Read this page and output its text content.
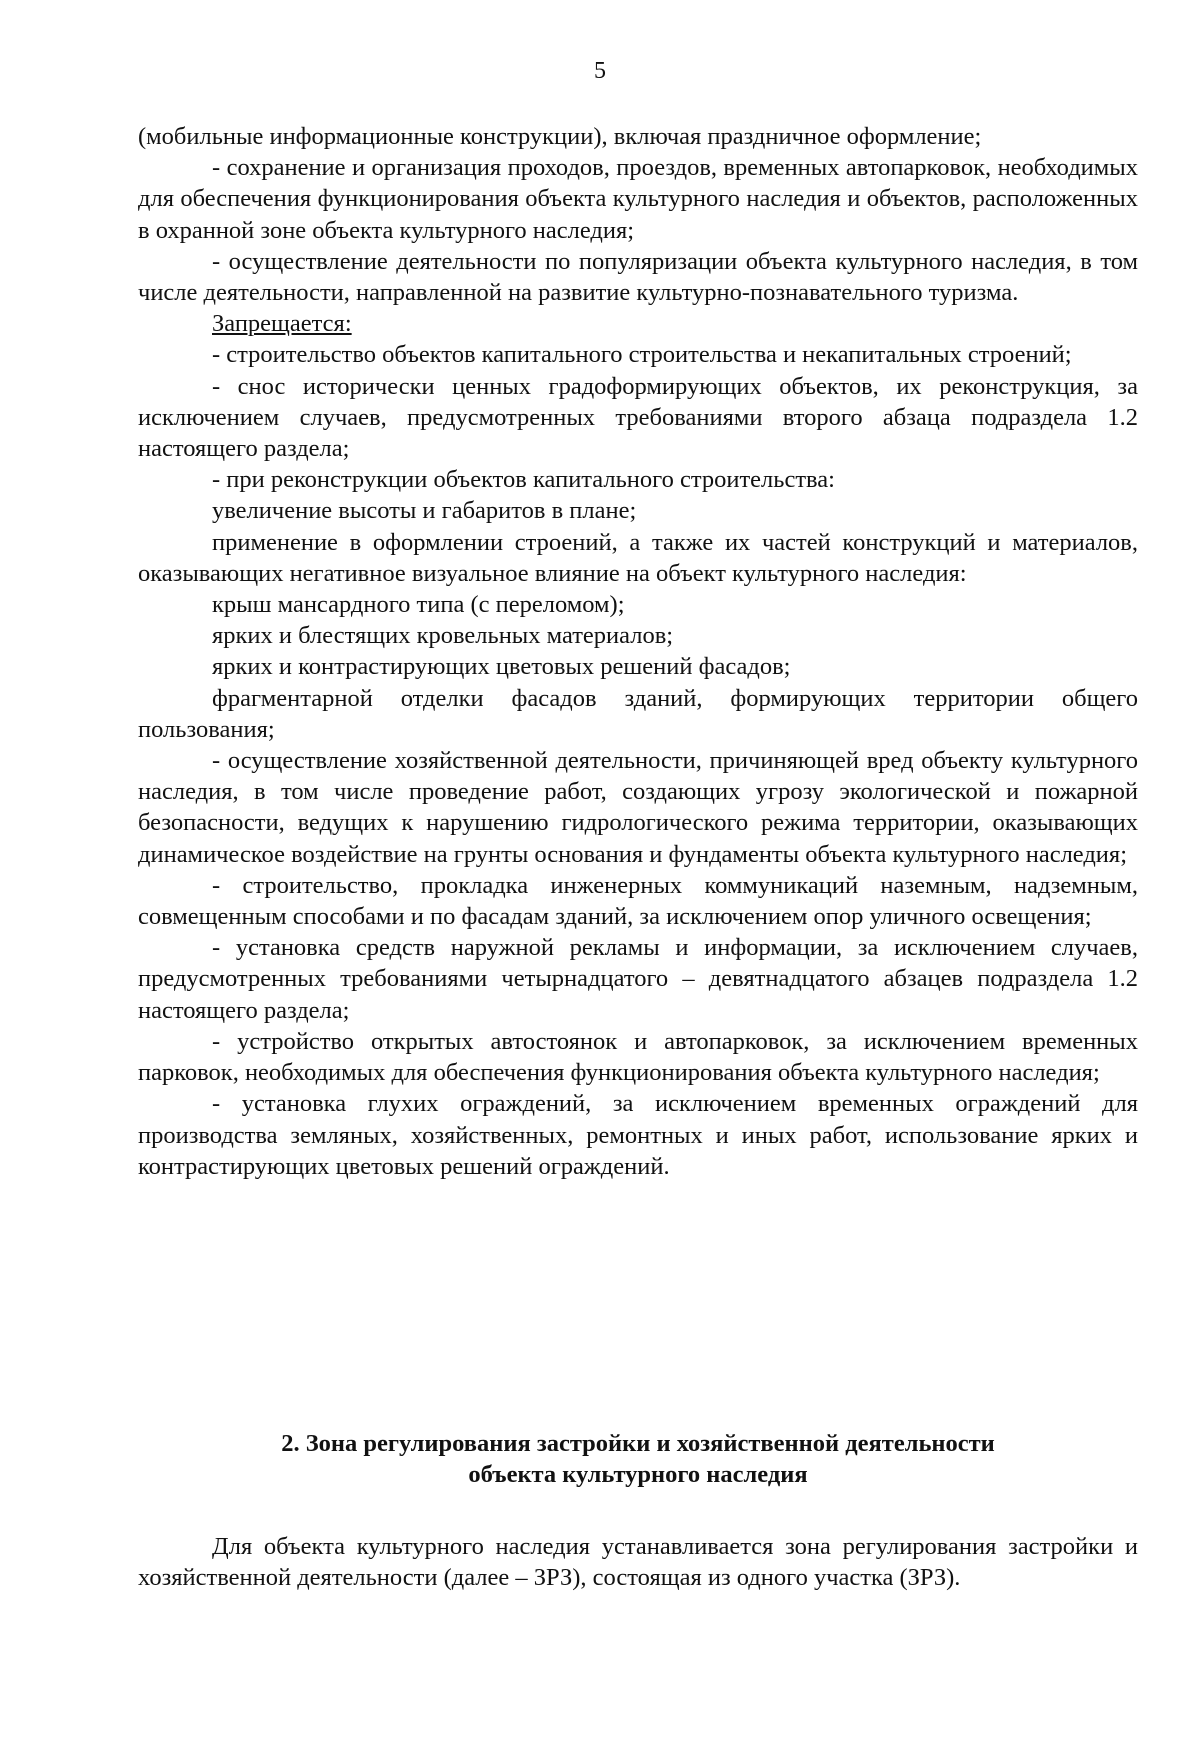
5

(мобильные информационные конструкции), включая праздничное оформление;

- сохранение и организация проходов, проездов, временных автопарковок, необходимых для обеспечения функционирования объекта культурного наследия и объектов, расположенных в охранной зоне объекта культурного наследия;

- осуществление деятельности по популяризации объекта культурного наследия, в том числе деятельности, направленной на развитие культурно-познавательного туризма.

Запрещается:

- строительство объектов капитального строительства и некапитальных строений;

- снос исторически ценных градоформирующих объектов, их реконструкция, за исключением случаев, предусмотренных требованиями второго абзаца подраздела 1.2 настоящего раздела;

- при реконструкции объектов капитального строительства:

увеличение высоты и габаритов в плане;

применение в оформлении строений, а также их частей конструкций и материалов, оказывающих негативное визуальное влияние на объект культурного наследия:

крыш мансардного типа (с переломом);

ярких и блестящих кровельных материалов;

ярких и контрастирующих цветовых решений фасадов;

фрагментарной отделки фасадов зданий, формирующих территории общего пользования;

- осуществление хозяйственной деятельности, причиняющей вред объекту культурного наследия, в том числе проведение работ, создающих угрозу экологической и пожарной безопасности, ведущих к нарушению гидрологического режима территории, оказывающих динамическое воздействие на грунты основания и фундаменты объекта культурного наследия;

- строительство, прокладка инженерных коммуникаций наземным, надземным, совмещенным способами и по фасадам зданий, за исключением опор уличного освещения;

- установка средств наружной рекламы и информации, за исключением случаев, предусмотренных требованиями четырнадцатого – девятнадцатого абзацев подраздела 1.2 настоящего раздела;

- устройство открытых автостоянок и автопарковок, за исключением временных парковок, необходимых для обеспечения функционирования объекта культурного наследия;

- установка глухих ограждений, за исключением временных ограждений для производства земляных, хозяйственных, ремонтных и иных работ, использование ярких и контрастирующих цветовых решений ограждений.

2. Зона регулирования застройки и хозяйственной деятельности
объекта культурного наследия

Для объекта культурного наследия устанавливается зона регулирования застройки и хозяйственной деятельности (далее – ЗРЗ), состоящая из одного участка (ЗРЗ).
